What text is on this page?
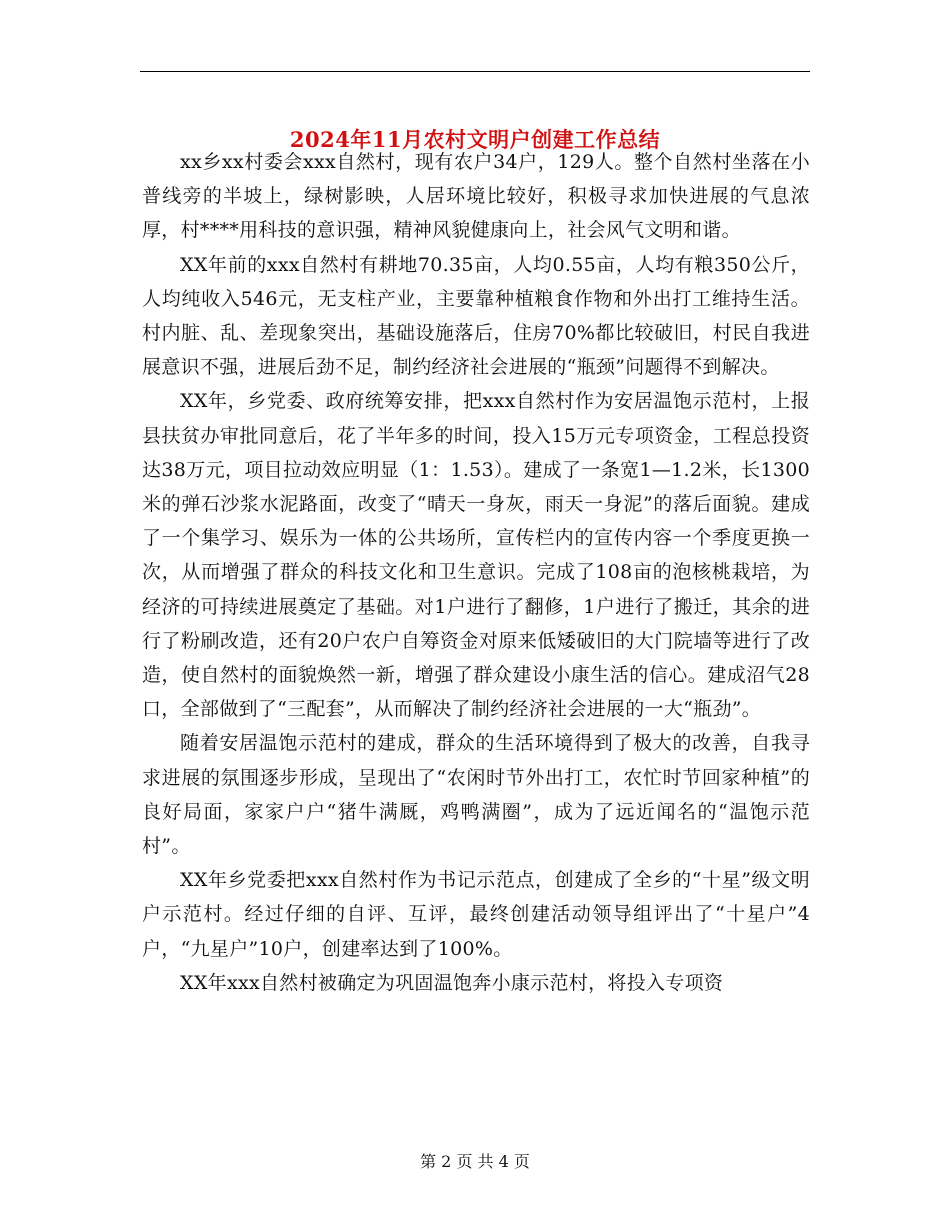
2024年11月农村文明户创建工作总结

xx乡xx村委会xxx自然村，现有农户34户，129人。整个自然村坐落在小普线旁的半坡上，绿树影映，人居环境比较好，积极寻求加快进展的气息浓厚，村****用科技的意识强，精神风貌健康向上，社会风气文明和谐。

XX年前的xxx自然村有耕地70.35亩，人均0.55亩，人均有粮350公斤，人均纯收入546元，无支柱产业，主要靠种植粮食作物和外出打工维持生活。村内脏、乱、差现象突出，基础设施落后，住房70%都比较破旧，村民自我进展意识不强，进展后劲不足，制约经济社会进展的“瓶颈”问题得不到解决。

XX年，乡党委、政府统筹安排，把xxx自然村作为安居温饱示范村，上报县扶贫办审批同意后，花了半年多的时间，投入15万元专项资金，工程总投资达38万元，项目拉动效应明显（1：1.53）。建成了一条宽1—1.2米，长1300米的弹石沙浆水泥路面，改变了“晴天一身灰，雨天一身泥”的落后面貌。建成了一个集学习、娱乐为一体的公共场所，宣传栏内的宣传内容一个季度更换一次，从而增强了群众的科技文化和卫生意识。完成了108亩的泡核桃栽培，为经济的可持续进展奠定了基础。对1户进行了翻修，1户进行了搬迁，其余的进行了粉刷改造，还有20户农户自筹资金对原来低矮破旧的大门院墙等进行了改造，使自然村的面貌焕然一新，增强了群众建设小康生活的信心。建成沼气28口，全部做到了“三配套”，从而解决了制约经济社会进展的一大“瓶劲”。

随着安居温饱示范村的建成，群众的生活环境得到了极大的改善，自我寻求进展的氛围逐步形成，呈现出了“农闲时节外出打工，农忙时节回家种植”的良好局面，家家户户“猪牛满厩，鸡鸭满圈”，成为了远近闻名的“温饱示范村”。

XX年乡党委把xxx自然村作为书记示范点，创建成了全乡的“十星”级文明户示范村。经过仔细的自评、互评，最终创建活动领导组评出了“十星户”4户，“九星户”10户，创建率达到了100%。

XX年xxx自然村被确定为巩固温饱奔小康示范村，将投入专项资

第 2 页 共 4 页
